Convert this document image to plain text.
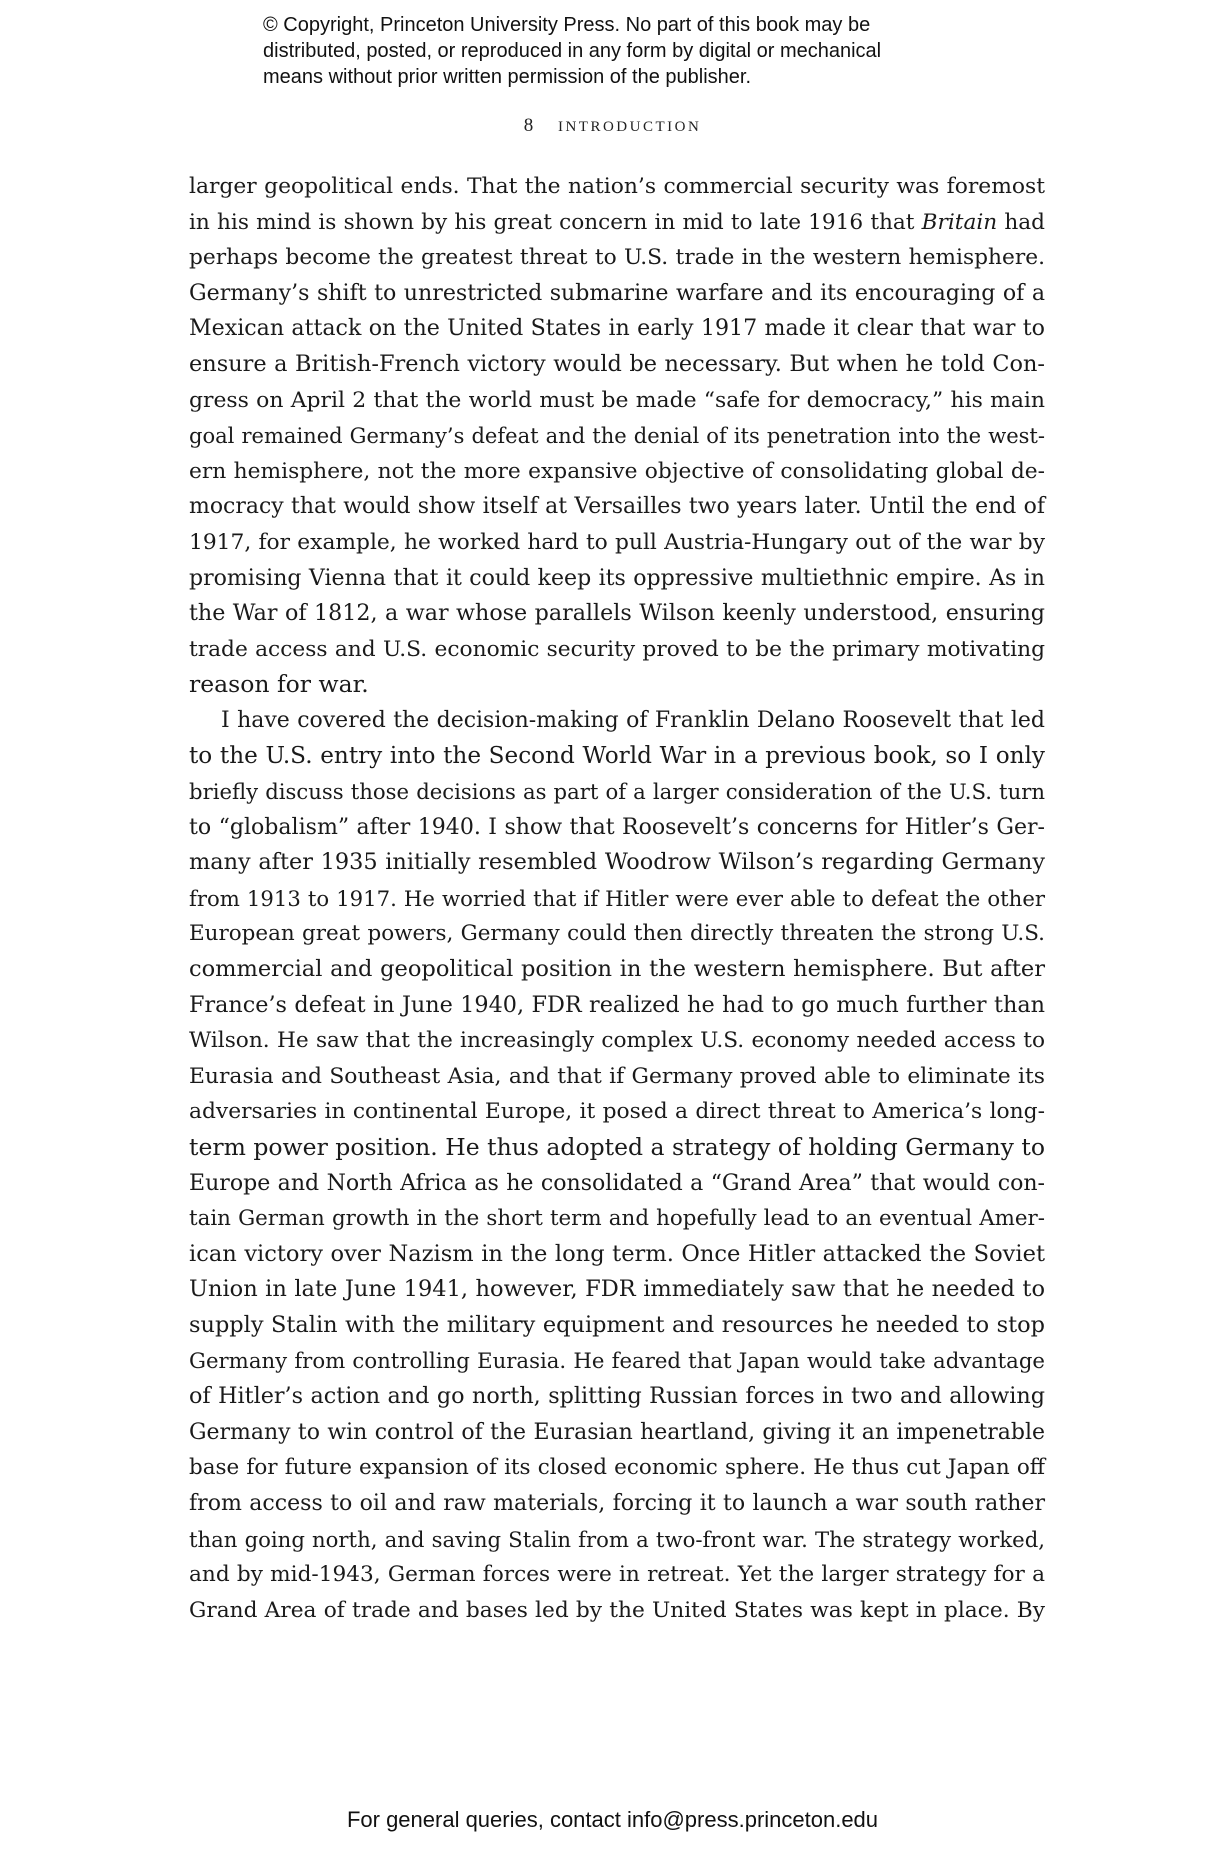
© Copyright, Princeton University Press. No part of this book may be
distributed, posted, or reproduced in any form by digital or mechanical
means without prior written permission of the publisher.
8 introduction
larger geopolitical ends. That the nation’s commercial security was foremost
in his mind is shown by his great concern in mid to late 1916 that Britain had
perhaps become the greatest threat to U.S. trade in the western hemisphere.
Germany’s shift to unrestricted submarine warfare and its encouraging of a
Mexican attack on the United States in early 1917 made it clear that war to
ensure a British-French victory would be necessary. But when he told Con-
gress on April 2 that the world must be made “safe for democracy,” his main
goal remained Germany’s defeat and the denial of its penetration into the west-
ern hemisphere, not the more expansive objective of consolidating global de-
mocracy that would show itself at Versailles two years later. Until the end of
1917, for example, he worked hard to pull Austria-Hungary out of the war by
promising Vienna that it could keep its oppressive multiethnic empire. As in
the War of 1812, a war whose parallels Wilson keenly understood, ensuring
trade access and U.S. economic security proved to be the primary motivating
reason for war.
I have covered the decision-making of Franklin Delano Roosevelt that led
to the U.S. entry into the Second World War in a previous book, so I only
briefly discuss those decisions as part of a larger consideration of the U.S. turn
to “globalism” after 1940. I show that Roosevelt’s concerns for Hitler’s Ger-
many after 1935 initially resembled Woodrow Wilson’s regarding Germany
from 1913 to 1917. He worried that if Hitler were ever able to defeat the other
European great powers, Germany could then directly threaten the strong U.S.
commercial and geopolitical position in the western hemisphere. But after
France’s defeat in June 1940, FDR realized he had to go much further than
Wilson. He saw that the increasingly complex U.S. economy needed access to
Eurasia and Southeast Asia, and that if Germany proved able to eliminate its
adversaries in continental Europe, it posed a direct threat to America’s long-
term power position. He thus adopted a strategy of holding Germany to
Europe and North Africa as he consolidated a “Grand Area” that would con-
tain German growth in the short term and hopefully lead to an eventual Amer-
ican victory over Nazism in the long term. Once Hitler attacked the Soviet
Union in late June 1941, however, FDR immediately saw that he needed to
supply Stalin with the military equipment and resources he needed to stop
Germany from controlling Eurasia. He feared that Japan would take advantage
of Hitler’s action and go north, splitting Russian forces in two and allowing
Germany to win control of the Eurasian heartland, giving it an impenetrable
base for future expansion of its closed economic sphere. He thus cut Japan off
from access to oil and raw materials, forcing it to launch a war south rather
than going north, and saving Stalin from a two-front war. The strategy worked,
and by mid-1943, German forces were in retreat. Yet the larger strategy for a
Grand Area of trade and bases led by the United States was kept in place. By
For general queries, contact info@press.princeton.edu
